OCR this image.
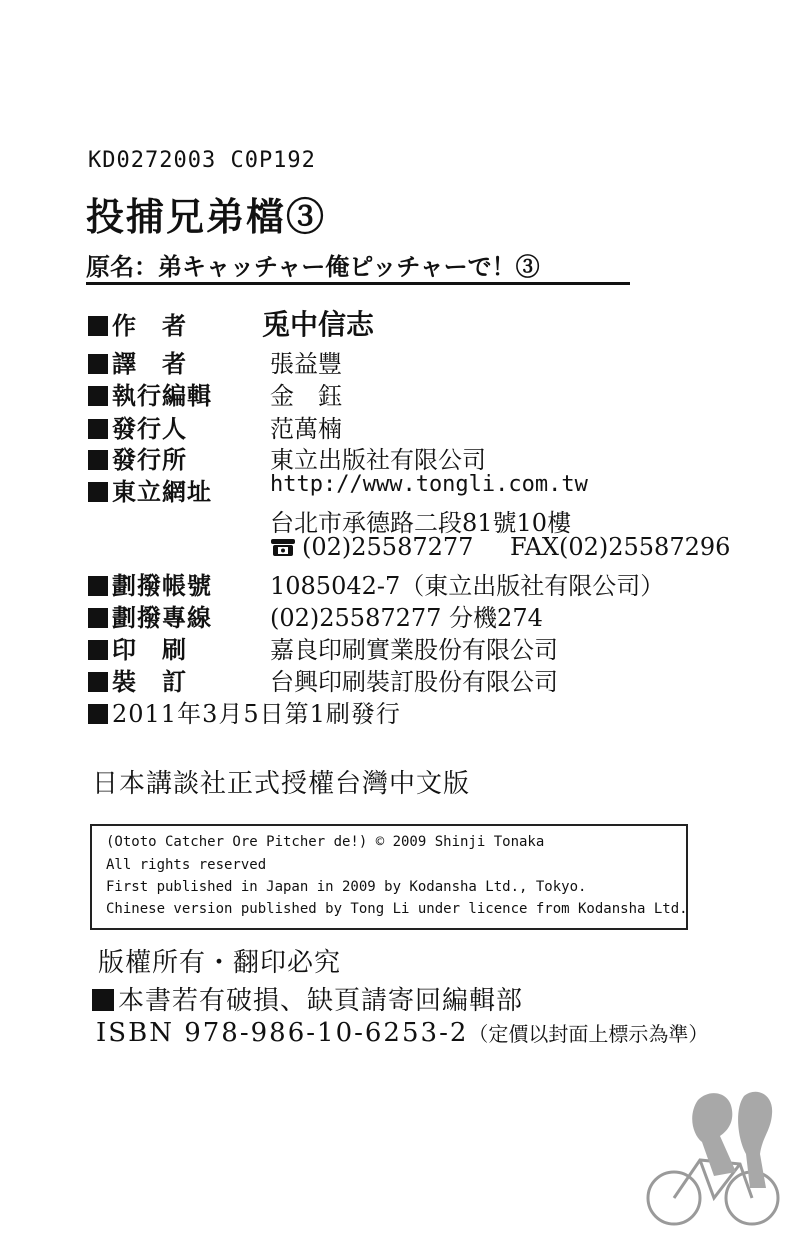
KD0272003 C0P192
投捕兄弟檔③
原名：弟キャッチャー俺ピッチャーで！③
作　者	兎中信志
譯　者	張益豐
執行編輯 金　鈺
發行人	范萬楠
發行所	東立出版社有限公司
東立網址	http://www.tongli.com.tw
台北市承德路二段81號10樓
(02)25587277 FAX(02)25587296
劃撥帳號 1085042-7（東立出版社有限公司）
劃撥專線 (02)25587277 分機274
印　刷	嘉良印刷實業股份有限公司
裝　訂	台興印刷裝訂股份有限公司
2011年3月5日第1刷發行
日本講談社正式授權台灣中文版
(Ototo Catcher Ore Pitcher de!) © 2009 Shinji Tonaka
All rights reserved
First published in Japan in 2009 by Kodansha Ltd., Tokyo.
Chinese version published by Tong Li under licence from Kodansha Ltd.
版權所有・翻印必究
本書若有破損、缺頁請寄回編輯部
ISBN 978-986-10-6253-2（定價以封面上標示為準）
